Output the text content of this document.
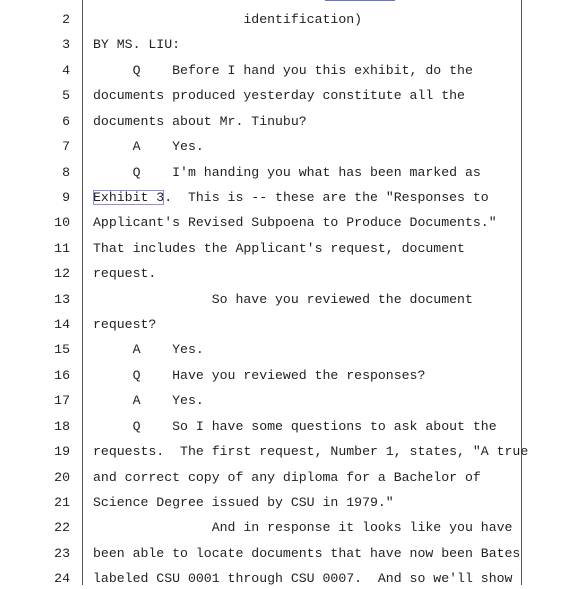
2 identification)
3 BY MS. LIU:
4 Q    Before I hand you this exhibit, do the
5 documents produced yesterday constitute all the
6 documents about Mr. Tinubu?
7 A    Yes.
8 Q    I'm handing you what has been marked as
9 Exhibit 3.  This is -- these are the "Responses to
10 Applicant's Revised Subpoena to Produce Documents."
11 That includes the Applicant's request, document
12 request.
13 So have you reviewed the document
14 request?
15 A    Yes.
16 Q    Have you reviewed the responses?
17 A    Yes.
18 Q    So I have some questions to ask about the
19 requests.  The first request, Number 1, states, "A true
20 and correct copy of any diploma for a Bachelor of
21 Science Degree issued by CSU in 1979."
22 And in response it looks like you have
23 been able to locate documents that have now been Bates
24 labeled CSU 0001 through CSU 0007.  And so we'll show
